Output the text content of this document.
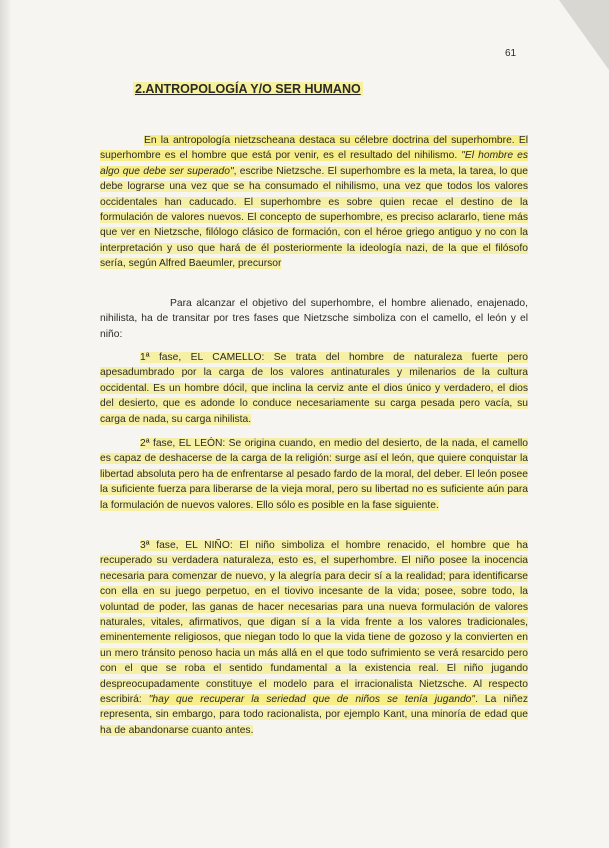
61
2.ANTROPOLOGÍA Y/O SER HUMANO

En la antropología nietzscheana destaca su célebre doctrina del superhombre. El superhombre es el hombre que está por venir, es el resultado del nihilismo. "El hombre es algo que debe ser superado", escribe Nietzsche. El superhombre es la meta, la tarea, lo que debe lograrse una vez que se ha consumado el nihilismo, una vez que todos los valores occidentales han caducado. El superhombre es sobre quien recae el destino de la formulación de valores nuevos. El concepto de superhombre, es preciso aclararlo, tiene más que ver en Nietzsche, filólogo clásico de formación, con el héroe griego antiguo y no con la interpretación y uso que hará de él posteriormente la ideología nazi, de la que el filósofo sería, según Alfred Baeumler, precursor

Para alcanzar el objetivo del superhombre, el hombre alienado, enajenado, nihilista, ha de transitar por tres fases que Nietzsche simboliza con el camello, el león y el niño:

1ª fase, EL CAMELLO: Se trata del hombre de naturaleza fuerte pero apesadumbrado por la carga de los valores antinaturales y milenarios de la cultura occidental. Es un hombre dócil, que inclina la cerviz ante el dios único y verdadero, el dios del desierto, que es adonde lo conduce necesariamente su carga pesada pero vacía, su carga de nada, su carga nihilista.

2ª fase, EL LEÓN: Se origina cuando, en medio del desierto, de la nada, el camello es capaz de deshacerse de la carga de la religión: surge así el león, que quiere conquistar la libertad absoluta pero ha de enfrentarse al pesado fardo de la moral, del deber. El león posee la suficiente fuerza para liberarse de la vieja moral, pero su libertad no es suficiente aún para la formulación de nuevos valores. Ello sólo es posible en la fase siguiente.

3ª fase, EL NIÑO: El niño simboliza el hombre renacido, el hombre que ha recuperado su verdadera naturaleza, esto es, el superhombre. El niño posee la inocencia necesaria para comenzar de nuevo, y la alegría para decir sí a la realidad; para identificarse con ella en su juego perpetuo, en el tiovivo incesante de la vida; posee, sobre todo, la voluntad de poder, las ganas de hacer necesarias para una nueva formulación de valores naturales, vitales, afirmativos, que digan sí a la vida frente a los valores tradicionales, eminentemente religiosos, que niegan todo lo que la vida tiene de gozoso y la convierten en un mero tránsito penoso hacia un más allá en el que todo sufrimiento se verá resarcido pero con el que se roba el sentido fundamental a la existencia real. El niño jugando despreocupadamente constituye el modelo para el irracionalista Nietzsche. Al respecto escribirá: "hay que recuperar la seriedad que de niños se tenía jugando". La niñez representa, sin embargo, para todo racionalista, por ejemplo Kant, una minoría de edad que ha de abandonarse cuanto antes.
